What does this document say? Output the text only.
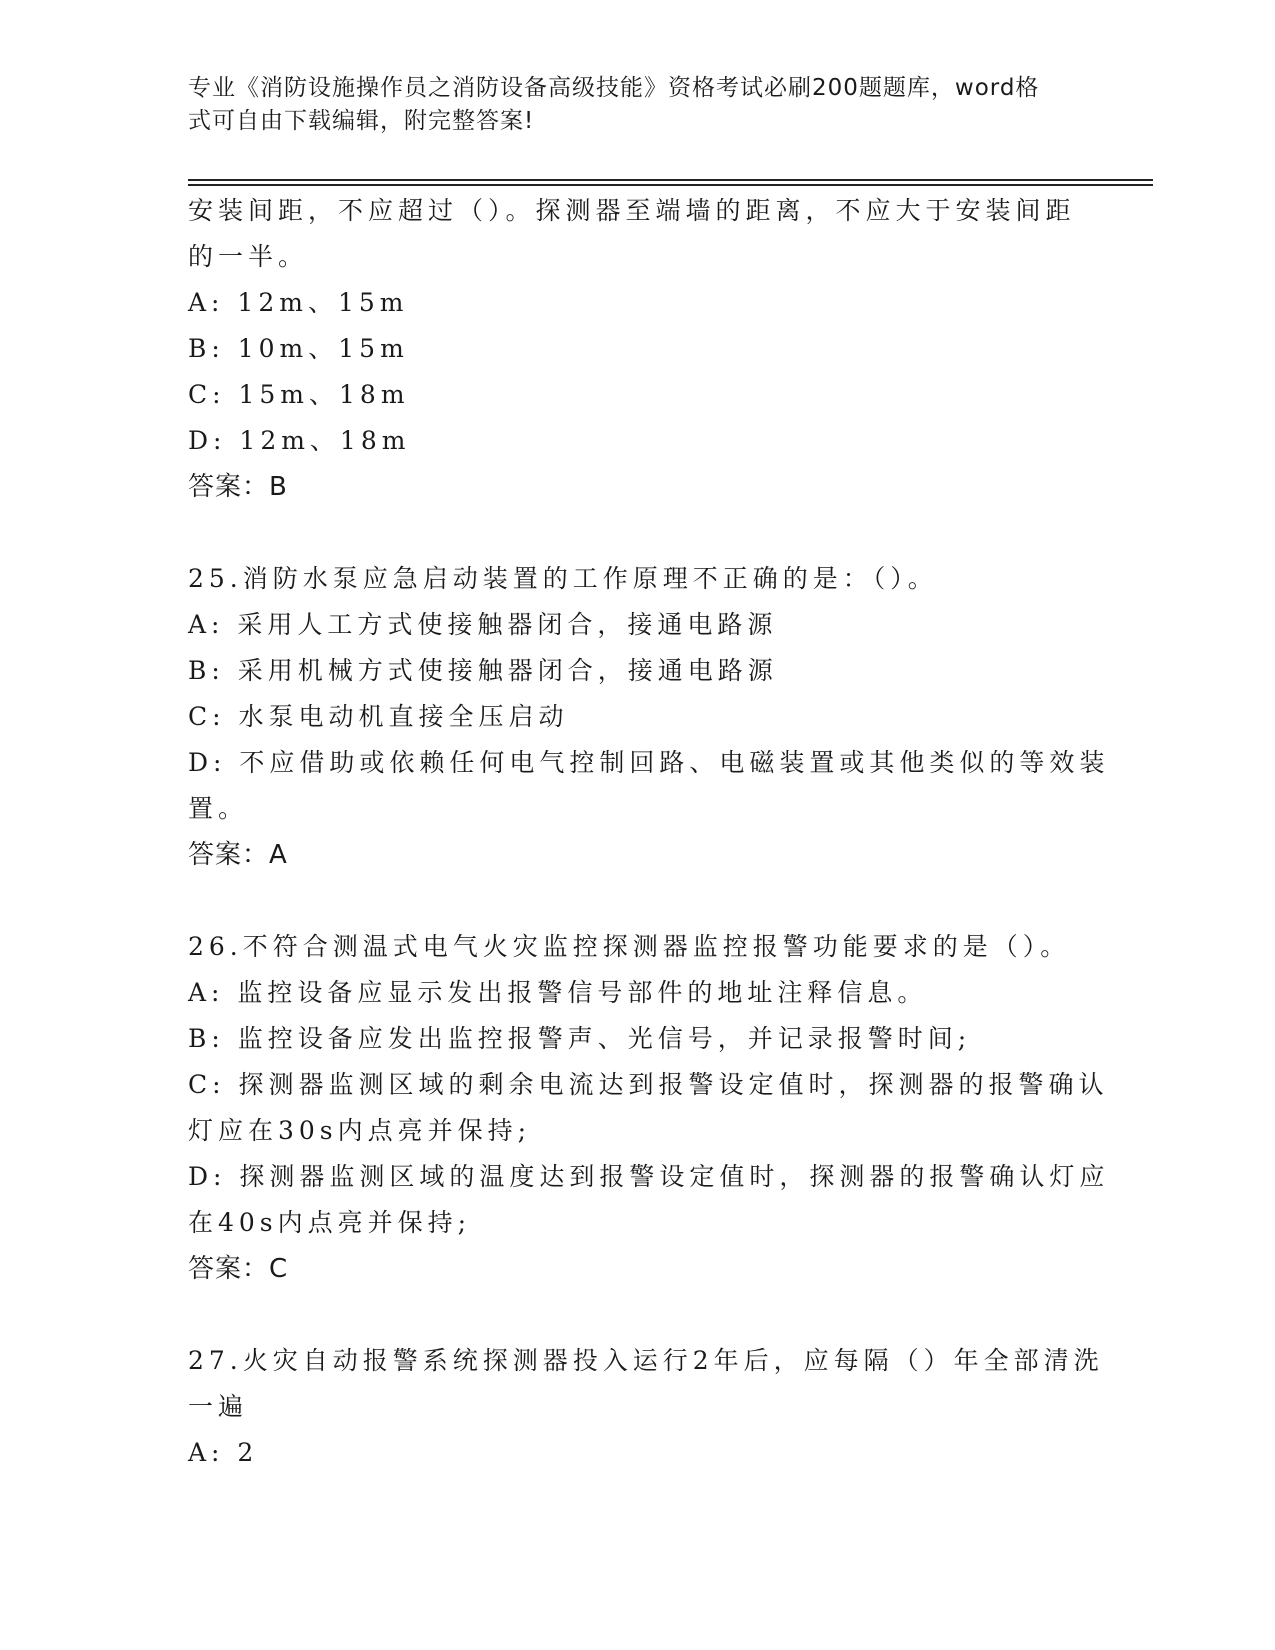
专业《消防设施操作员之消防设备高级技能》资格考试必刷200题题库，word格
式可自由下载编辑，附完整答案!
安装间距，不应超过（）。探测器至端墙的距离，不应大于安装间距
的一半。
A: 12m、15m
B: 10m、15m
C: 15m、18m
D: 12m、18m
答案：B
25.消防水泵应急启动装置的工作原理不正确的是：（）。
A: 采用人工方式使接触器闭合，接通电路源
B: 采用机械方式使接触器闭合，接通电路源
C: 水泵电动机直接全压启动
D: 不应借助或依赖任何电气控制回路、电磁装置或其他类似的等效装
置。
答案：A
26.不符合测温式电气火灾监控探测器监控报警功能要求的是（）。
A: 监控设备应显示发出报警信号部件的地址注释信息。
B: 监控设备应发出监控报警声、光信号，并记录报警时间;
C: 探测器监测区域的剩余电流达到报警设定值时，探测器的报警确认
灯应在30s内点亮并保持;
D: 探测器监测区域的温度达到报警设定值时，探测器的报警确认灯应
在40s内点亮并保持;
答案：C
27.火灾自动报警系统探测器投入运行2年后，应每隔（）年全部清洗
一遍
A: 2
